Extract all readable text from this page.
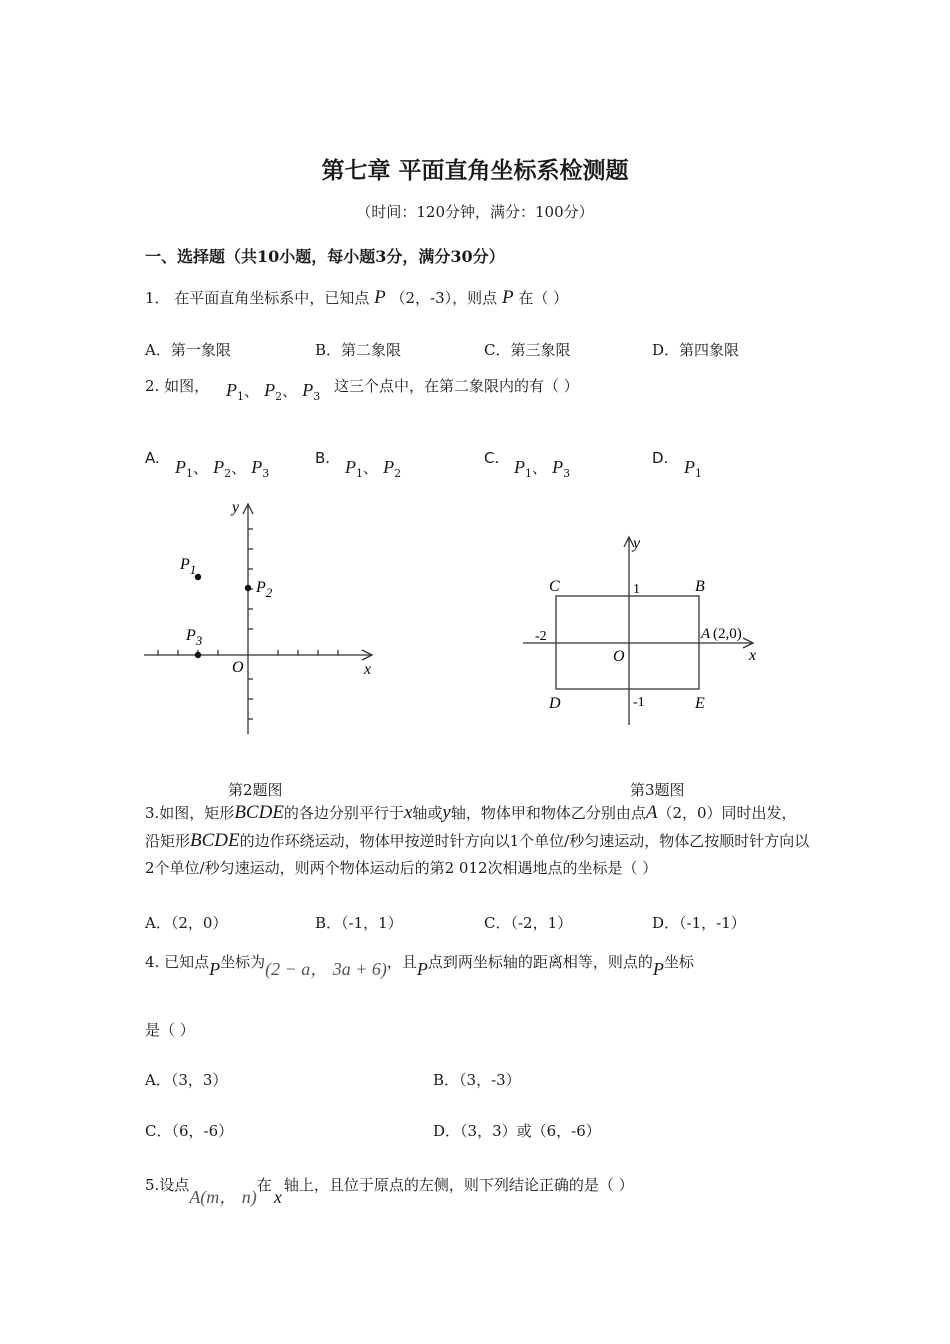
第七章 平面直角坐标系检测题
（时间：120分钟，满分：100分）
一、选择题（共10小题，每小题3分，满分30分）
1． 在平面直角坐标系中，已知点 P （2，-3），则点 P 在（ ）
A．第一象限	B．第二象限	C．第三象限	D．第四象限
2. 如图， $P_1$、 $P_2$、 $P_3$
这三个点中，在第二象限内的有（ ）
A. $P_1$、 $P_2$、 $P_3$
B. $P_1$、 $P_2$
C. $P_1$、 $P_3$
D. $P_1$
y
x
O
$P_1$
$P_2$
$P_3$
y
x
O
C	B
D	E
A (2,0)
1
-1
-2
第2题图	第3题图
3.如图，矩形BCDE的各边分别平行于x轴或y轴，物体甲和物体乙分别由点A（2，0）同时出发，沿矩形BCDE的边作环绕运动，物体甲按逆时针方向以1个单位/秒匀速运动，物体乙按顺时针方向以2个单位/秒匀速运动，则两个物体运动后的第2 012次相遇地点的坐标是（ ）
A．（2，0）	B．（-1，1）	C．（-2，1）	D．（-1，-1）
4. 已知点P坐标为(2 − a， 3a + 6)，且P点到两坐标轴的距离相等，则点的P坐标
是（ ）
A．（3，3）	B．（3，-3）
C．（6，-6）	D．（3，3）或（6，-6）
5.设点A(m， n)在x轴上，且位于原点的左侧，则下列结论正确的是（ ）
